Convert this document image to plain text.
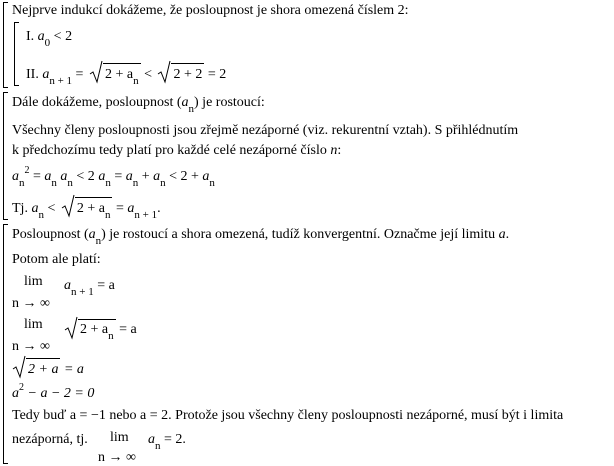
Nejprve indukcí dokážeme, že posloupnost je shora omezená číslem 2:
I. $a_0 < 2$
II. $a_{n + 1} = 2 + a_n < 2 + 2 = 2$
Dále dokážeme, posloupnost $(a_n)$ je rostoucí:
Všechny členy posloupnosti jsou zřejmě nezáporné (viz. rekurentní vztah). S přihlédnutím
k předchozímu tedy platí pro každé celé nezáporné číslo n:
$a_n^2 = a_n$ $a_n < 2$ $a_n = a_n + a_n < 2 + a_n$
Tj. $a_n < 2 + a_n = a_{n + 1}$.
Posloupnost $(a_n)$ je rostoucí a shora omezená, tudíž konvergentní. Označme její limitu a.
Potom ale platí:
lim
n → ∞
$a_{n + 1} = a$
lim
n → ∞
$2 + a_n = a$
2 + a = a
$a^2 - a - 2 = 0$
Tedy buď a = −1 nebo a = 2. Protože jsou všechny členy posloupnosti nezáporné, musí být i limita
nezáporná, tj. lim
n → ∞
$a_n = 2$.
